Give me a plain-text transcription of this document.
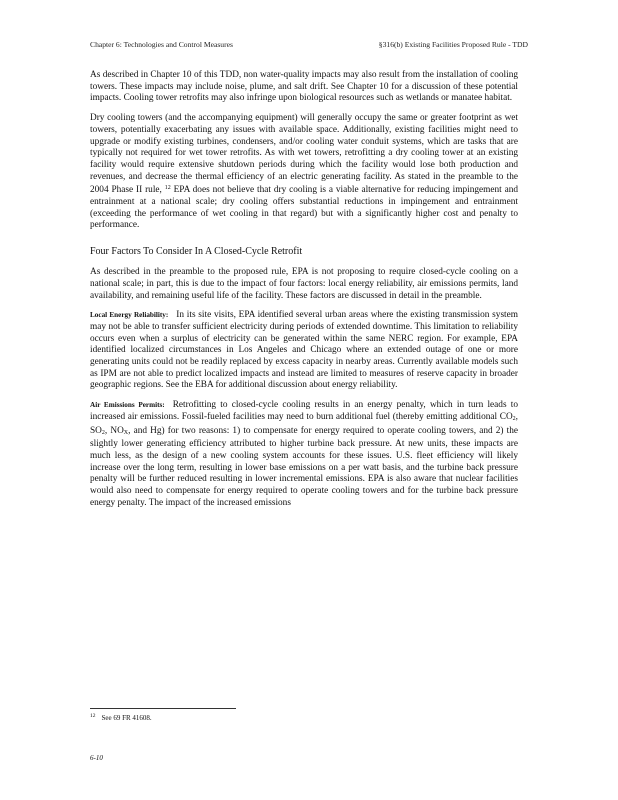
Chapter 6: Technologies and Control Measures	§316(b) Existing Facilities Proposed Rule - TDD

As described in Chapter 10 of this TDD, non water-quality impacts may also result from the installation of cooling towers. These impacts may include noise, plume, and salt drift. See Chapter 10 for a discussion of these potential impacts. Cooling tower retrofits may also infringe upon biological resources such as wetlands or manatee habitat.

Dry cooling towers (and the accompanying equipment) will generally occupy the same or greater footprint as wet towers, potentially exacerbating any issues with available space. Additionally, existing facilities might need to upgrade or modify existing turbines, condensers, and/or cooling water conduit systems, which are tasks that are typically not required for wet tower retrofits. As with wet towers, retrofitting a dry cooling tower at an existing facility would require extensive shutdown periods during which the facility would lose both production and revenues, and decrease the thermal efficiency of an electric generating facility. As stated in the preamble to the 2004 Phase II rule, $^{12}$ EPA does not believe that dry cooling is a viable alternative for reducing impingement and entrainment at a national scale; dry cooling offers substantial reductions in impingement and entrainment (exceeding the performance of wet cooling in that regard) but with a significantly higher cost and penalty to performance.

Four Factors To Consider In A Closed-Cycle Retrofit

As described in the preamble to the proposed rule, EPA is not proposing to require closed-cycle cooling on a national scale; in part, this is due to the impact of four factors: local energy reliability, air emissions permits, land availability, and remaining useful life of the facility. These factors are discussed in detail in the preamble.

Local Energy Reliability: In its site visits, EPA identified several urban areas where the existing transmission system may not be able to transfer sufficient electricity during periods of extended downtime. This limitation to reliability occurs even when a surplus of electricity can be generated within the same NERC region. For example, EPA identified localized circumstances in Los Angeles and Chicago where an extended outage of one or more generating units could not be readily replaced by excess capacity in nearby areas. Currently available models such as IPM are not able to predict localized impacts and instead are limited to measures of reserve capacity in broader geographic regions. See the EBA for additional discussion about energy reliability.

Air Emissions Permits: Retrofitting to closed-cycle cooling results in an energy penalty, which in turn leads to increased air emissions. Fossil-fueled facilities may need to burn additional fuel (thereby emitting additional $CO_2$, $SO_2$, $NO_X$, and Hg) for two reasons: 1) to compensate for energy required to operate cooling towers, and 2) the slightly lower generating efficiency attributed to higher turbine back pressure. At new units, these impacts are much less, as the design of a new cooling system accounts for these issues. U.S. fleet efficiency will likely increase over the long term, resulting in lower base emissions on a per watt basis, and the turbine back pressure penalty will be further reduced resulting in lower incremental emissions. EPA is also aware that nuclear facilities would also need to compensate for energy required to operate cooling towers and for the turbine back pressure energy penalty. The impact of the increased emissions

$^{12}$ See 69 FR 41608.
6-10
